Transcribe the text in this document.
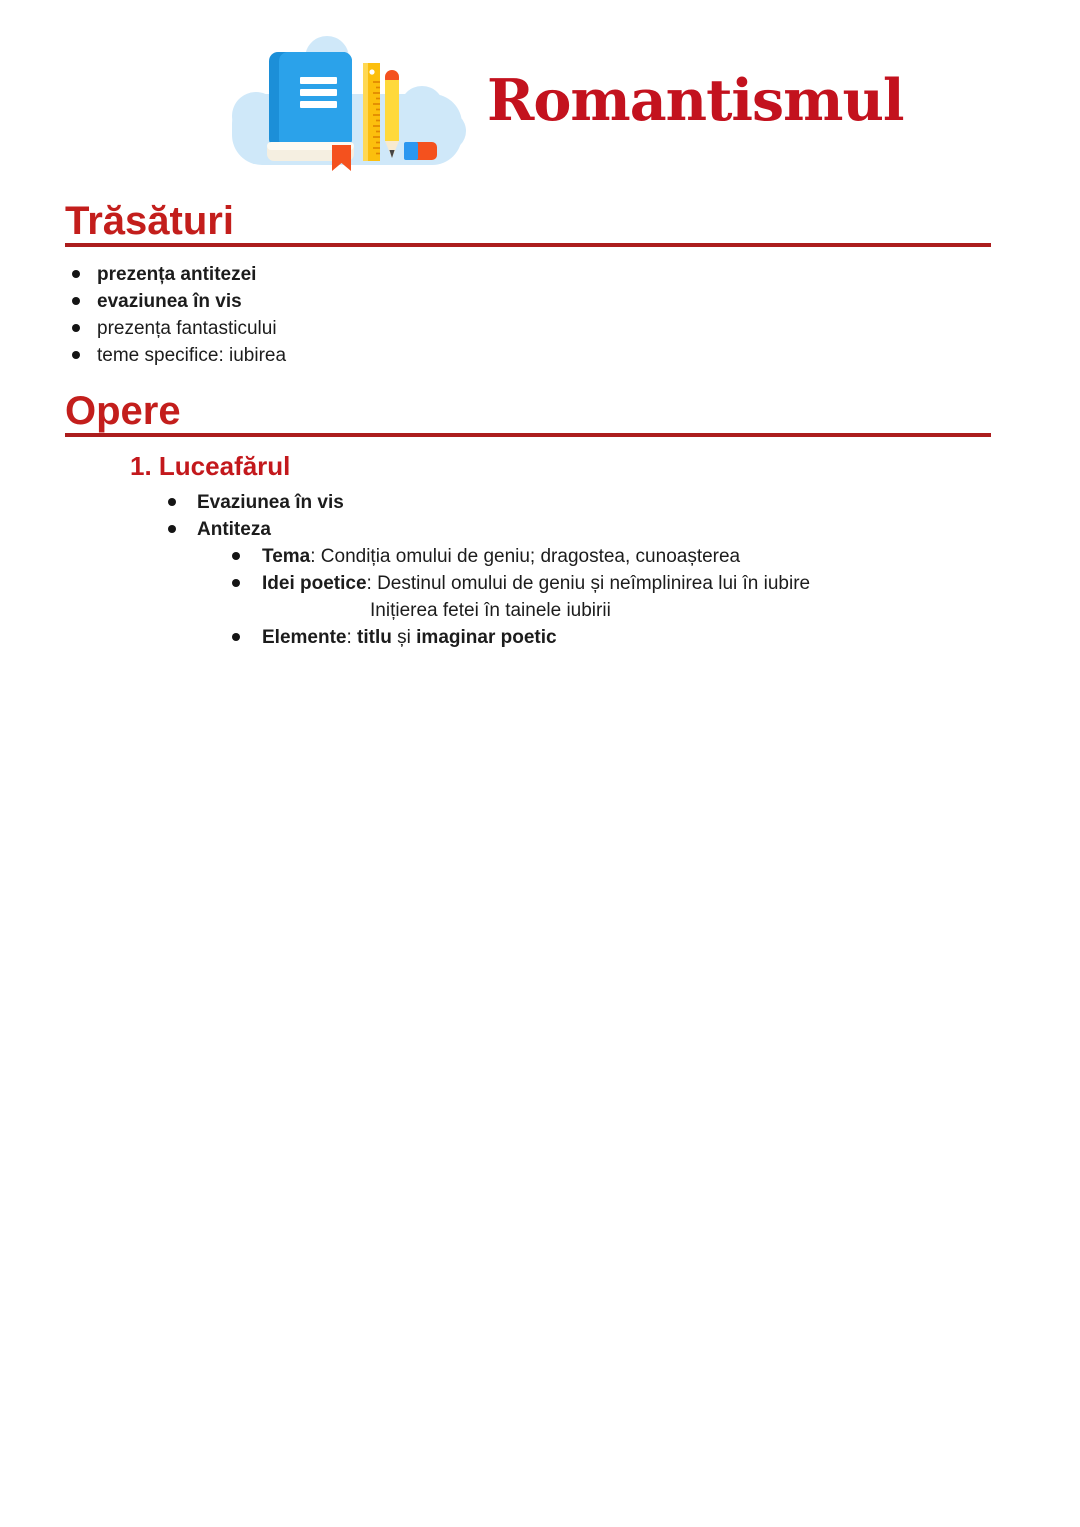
Romantismul
Trăsături
prezența antitezei
evaziunea în vis
prezența fantasticului
teme specifice: iubirea
Opere
1. Luceafărul
Evaziunea în vis
Antiteza
Tema: Condiția omului de geniu; dragostea, cunoașterea
Idei poetice: Destinul omului de geniu și neîmplinirea lui în iubire
Inițierea fetei în tainele iubirii
Elemente: titlu și imaginar poetic
